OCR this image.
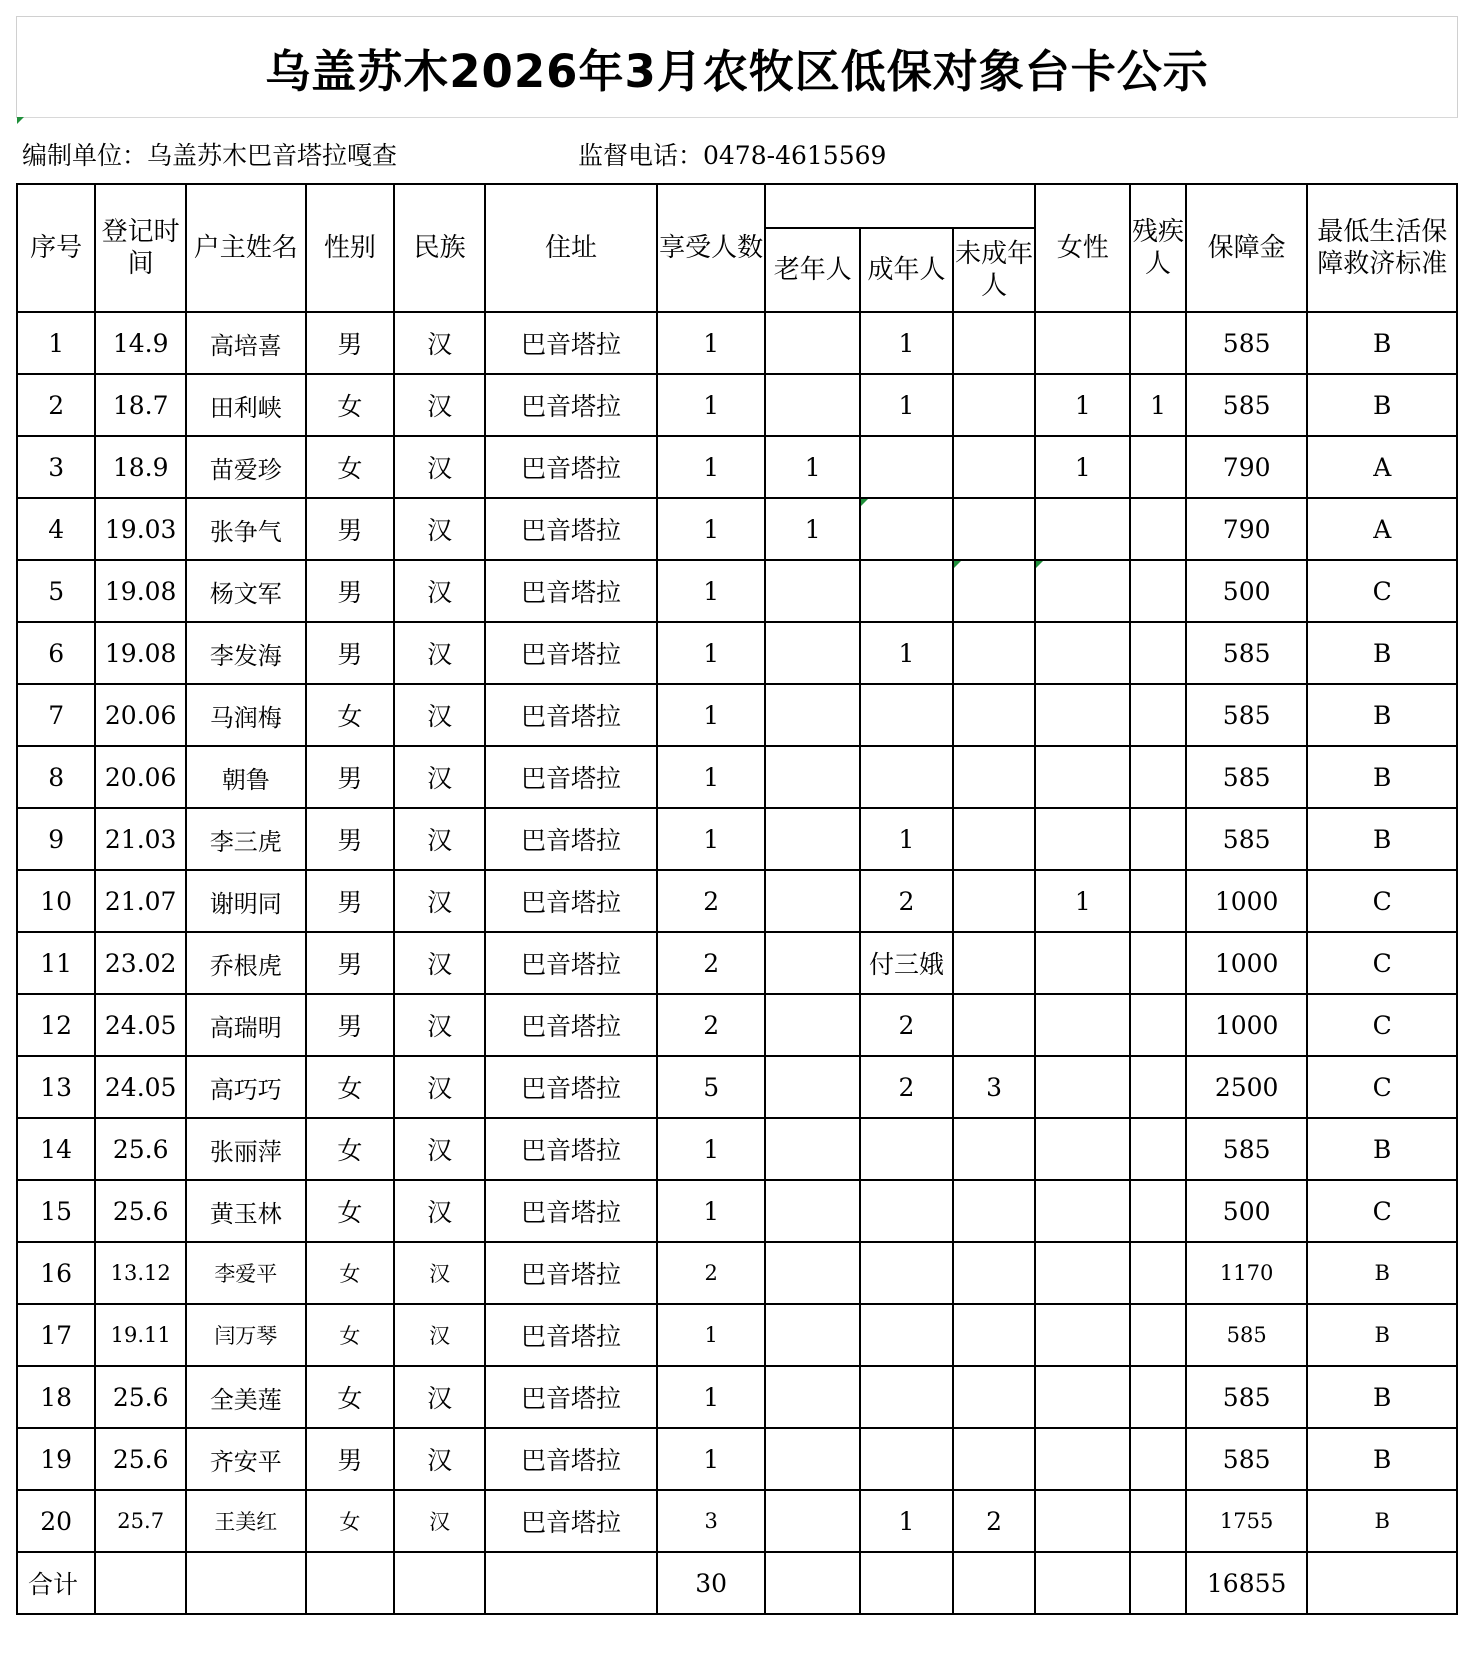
乌盖苏木2026年3月农牧区低保对象台卡公示
编制单位：乌盖苏木巴音塔拉嘎查	监督电话：0478-4615569
序号	登记时间	户主姓名	性别	民族	住址	享受人数				女性	残疾人	保障金	最低生活保障救济标准
							老年人	成年人	未成年人				
1	14.9	高培喜	男	汉	巴音塔拉	1		1				585	B
2	18.7	田利峡	女	汉	巴音塔拉	1		1		1	1	585	B
3	18.9	苗爱珍	女	汉	巴音塔拉	1	1			1		790	A
4	19.03	张争气	男	汉	巴音塔拉	1	1					790	A
5	19.08	杨文军	男	汉	巴音塔拉	1						500	C
6	19.08	李发海	男	汉	巴音塔拉	1		1				585	B
7	20.06	马润梅	女	汉	巴音塔拉	1						585	B
8	20.06	朝鲁	男	汉	巴音塔拉	1						585	B
9	21.03	李三虎	男	汉	巴音塔拉	1		1				585	B
10	21.07	谢明同	男	汉	巴音塔拉	2		2		1		1000	C
11	23.02	乔根虎	男	汉	巴音塔拉	2		付三娥				1000	C
12	24.05	高瑞明	男	汉	巴音塔拉	2		2				1000	C
13	24.05	高巧巧	女	汉	巴音塔拉	5		2	3			2500	C
14	25.6	张丽萍	女	汉	巴音塔拉	1						585	B
15	25.6	黄玉林	女	汉	巴音塔拉	1						500	C
16	13.12	李爱平	女	汉	巴音塔拉	2						1170	B
17	19.11	闫万琴	女	汉	巴音塔拉	1						585	B
18	25.6	全美莲	女	汉	巴音塔拉	1						585	B
19	25.6	齐安平	男	汉	巴音塔拉	1						585	B
20	25.7	王美红	女	汉	巴音塔拉	3		1	2			1755	B
合计						30						16855	
